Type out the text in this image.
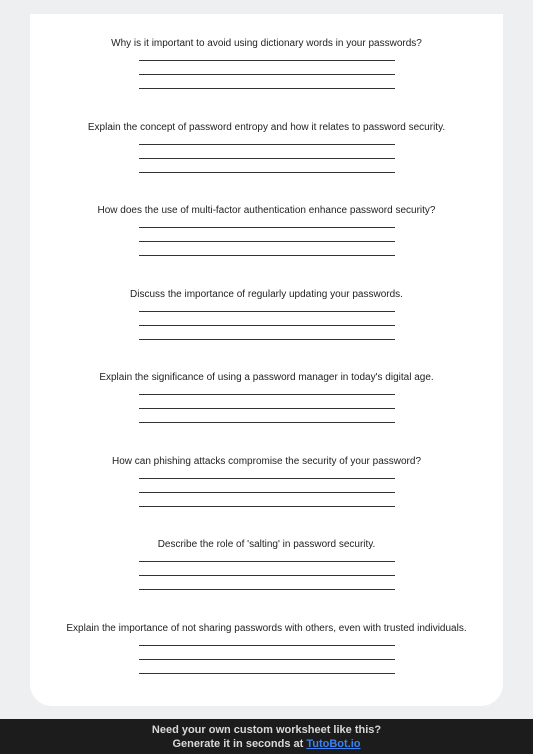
Why is it important to avoid using dictionary words in your passwords?
Explain the concept of password entropy and how it relates to password security.
How does the use of multi-factor authentication enhance password security?
Discuss the importance of regularly updating your passwords.
Explain the significance of using a password manager in today's digital age.
How can phishing attacks compromise the security of your password?
Describe the role of 'salting' in password security.
Explain the importance of not sharing passwords with others, even with trusted individuals.
Need your own custom worksheet like this?
Generate it in seconds at TutoBot.io
